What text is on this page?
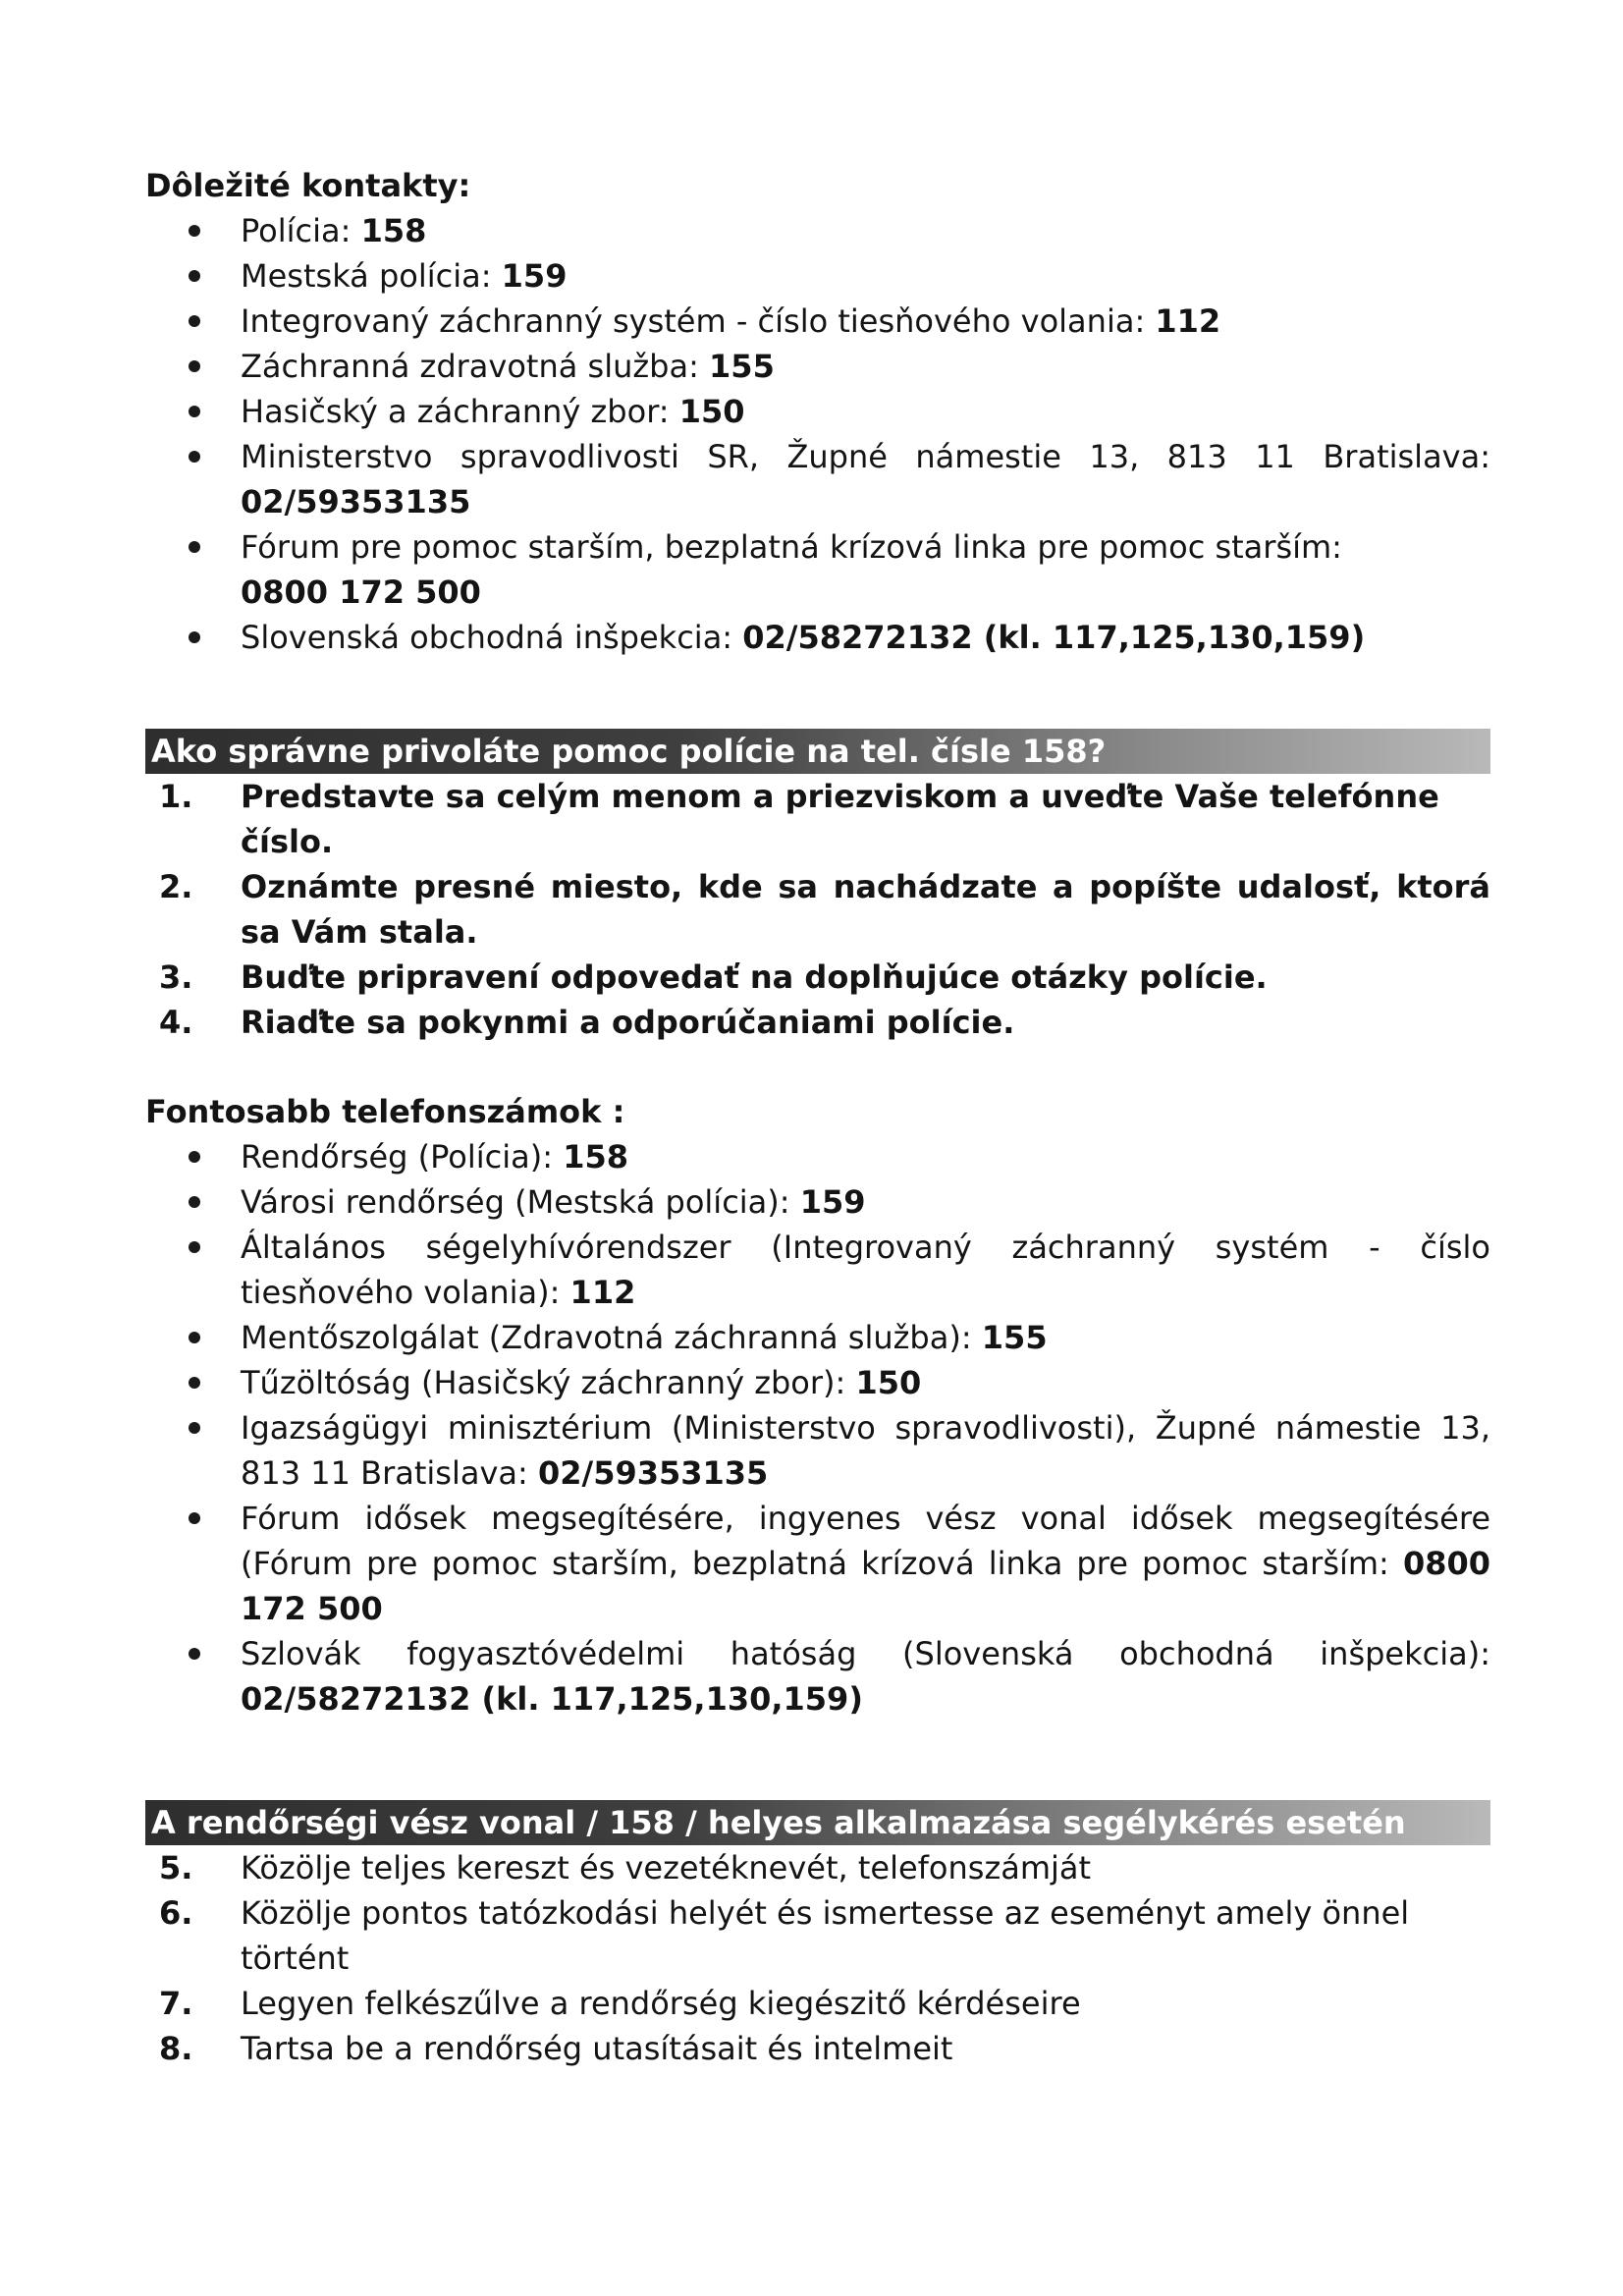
Dôležité kontakty:

Polícia: 158
Mestská polícia: 159
Integrovaný záchranný systém - číslo tiesňového volania: 112
Záchranná zdravotná služba: 155
Hasičský a záchranný zbor: 150
Ministerstvo spravodlivosti SR, Župné námestie 13, 813 11 Bratislava:
02/59353135
Fórum pre pomoc starším, bezplatná krízová linka pre pomoc starším:
0800 172 500
Slovenská obchodná inšpekcia: 02/58272132 (kl. 117,125,130,159)
Ako správne privoláte pomoc polície na tel. čísle 158?
1. Predstavte sa celým menom a priezviskom a uveďte Vaše telefónne číslo.
2. Oznámte presné miesto, kde sa nachádzate a popíšte udalosť, ktorá sa Vám stala.
3. Buďte pripravení odpovedať na doplňujúce otázky polície.
4. Riaďte sa pokynmi a odporúčaniami polície.

Fontosabb telefonszámok :

Rendőrség (Polícia): 158
Városi rendőrség (Mestská polícia): 159
Általános ségelyhívórendszer (Integrovaný záchranný systém - číslo tiesňového volania): 112
Mentőszolgálat (Zdravotná záchranná služba): 155
Tűzöltóság (Hasičský záchranný zbor): 150
Igazságügyi minisztérium (Ministerstvo spravodlivosti), Župné námestie 13, 813 11 Bratislava: 02/59353135
Fórum idősek megsegítésére, ingyenes vész vonal idősek megsegítésére (Fórum pre pomoc starším, bezplatná krízová linka pre pomoc starším: 0800 172 500
Szlovák fogyasztóvédelmi hatóság (Slovenská obchodná inšpekcia): 02/58272132 (kl. 117,125,130,159)
A rendőrségi vész vonal / 158 / helyes alkalmazása segélykérés esetén
5. Közölje teljes kereszt és vezetéknevét, telefonszámját
6. Közölje pontos tatózkodási helyét és ismertesse az eseményt amely önnel történt
7. Legyen felkészűlve a rendőrség kiegészitő kérdéseire
8. Tartsa be a rendőrség utasításait és intelmeit
